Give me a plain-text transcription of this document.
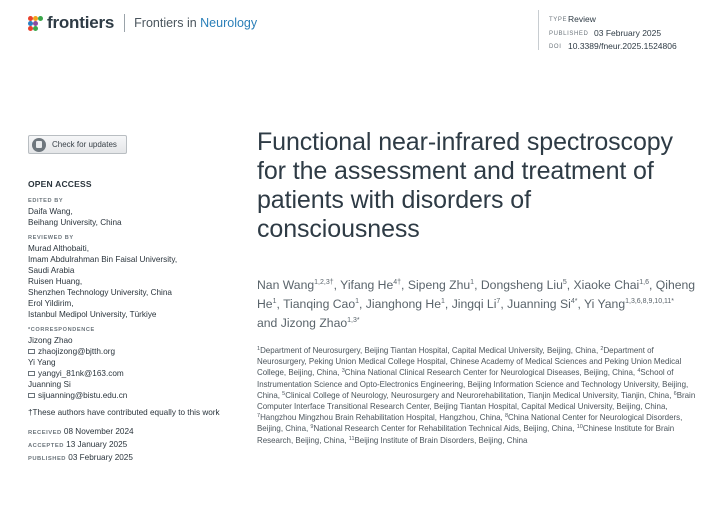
frontiers Frontiers in Neurology	TYPE Review
PUBLISHED 03 February 2025
DOI 10.3389/fneur.2025.1524806
Check for updates
OPEN ACCESS
EDITED BY
Daifa Wang,
Beihang University, China
REVIEWED BY
Murad Althobaiti,
Imam Abdulrahman Bin Faisal University,
Saudi Arabia
Ruisen Huang,
Shenzhen Technology University, China
Erol Yildirim,
Istanbul Medipol University, Türkiye
*CORRESPONDENCE
Jizong Zhao
zhaojizong@bjtth.org
Yi Yang
yangyi_81nk@163.com
Juanning Si
sijuanning@bistu.edu.cn
†These authors have contributed equally to this work
RECEIVED 08 November 2024
ACCEPTED 13 January 2025
PUBLISHED 03 February 2025
Functional near-infrared spectroscopy for the assessment and treatment of patients with disorders of consciousness
Nan Wang$^{1,2,3\dagger}$, Yifang $He^{4\dagger}$, Sipeng Zhu$^1$, Dongsheng Liu$^5$, Xiaoke Chai$^{1,6}$, Qiheng He$^1$, Tianqing Cao$^1$, Jianghong He$^1$, Jingqi Li$^7$, Juanning $Si^{4*}$, Yi Yang$^{1,3,6,8,9,10,11*}$ and Jizong Zhao$^{1,3*}$
$^1$Department of Neurosurgery, Beijing Tiantan Hospital, Capital Medical University, Beijing, China, $^2$Department of Neurosurgery, Peking Union Medical College Hospital, Chinese Academy of Medical Sciences and Peking Union Medical College, Beijing, China, $^3$China National Clinical Research Center for Neurological Diseases, Beijing, China, $^4$School of Instrumentation Science and Opto-Electronics Engineering, Beijing Information Science and Technology University, Beijing, China, $^5$Clinical College of Neurology, Neurosurgery and Neurorehabilitation, Tianjin Medical University, Tianjin, China, $^6$Brain Computer Interface Transitional Research Center, Beijing Tiantan Hospital, Capital Medical University, Beijing, China, $^7$Hangzhou Mingzhou Brain Rehabilitation Hospital, Hangzhou, China, $^8$China National Center for Neurological Disorders, Beijing, China, $^9$National Research Center for Rehabilitation Technical Aids, Beijing, China, $^{10}$Chinese Institute for Brain Research, Beijing, China, $^{11}$Beijing Institute of Brain Disorders, Beijing, China
